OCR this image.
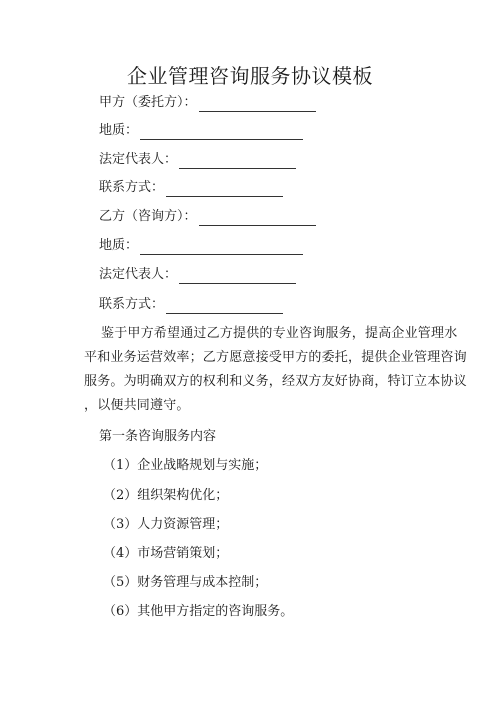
企业管理咨询服务协议模板
甲方（委托方）：
地质：
法定代表人：
联系方式：
乙方（咨询方）：
地质：
法定代表人：
联系方式：
鉴于甲方希望通过乙方提供的专业咨询服务，提高企业管理水
平和业务运营效率；乙方愿意接受甲方的委托，提供企业管理咨询
服务。为明确双方的权利和义务，经双方友好协商，特订立本协议
，以便共同遵守。
第一条咨询服务内容
（1）企业战略规划与实施；
（2）组织架构优化；
（3）人力资源管理；
（4）市场营销策划；
（5）财务管理与成本控制；
（6）其他甲方指定的咨询服务。
